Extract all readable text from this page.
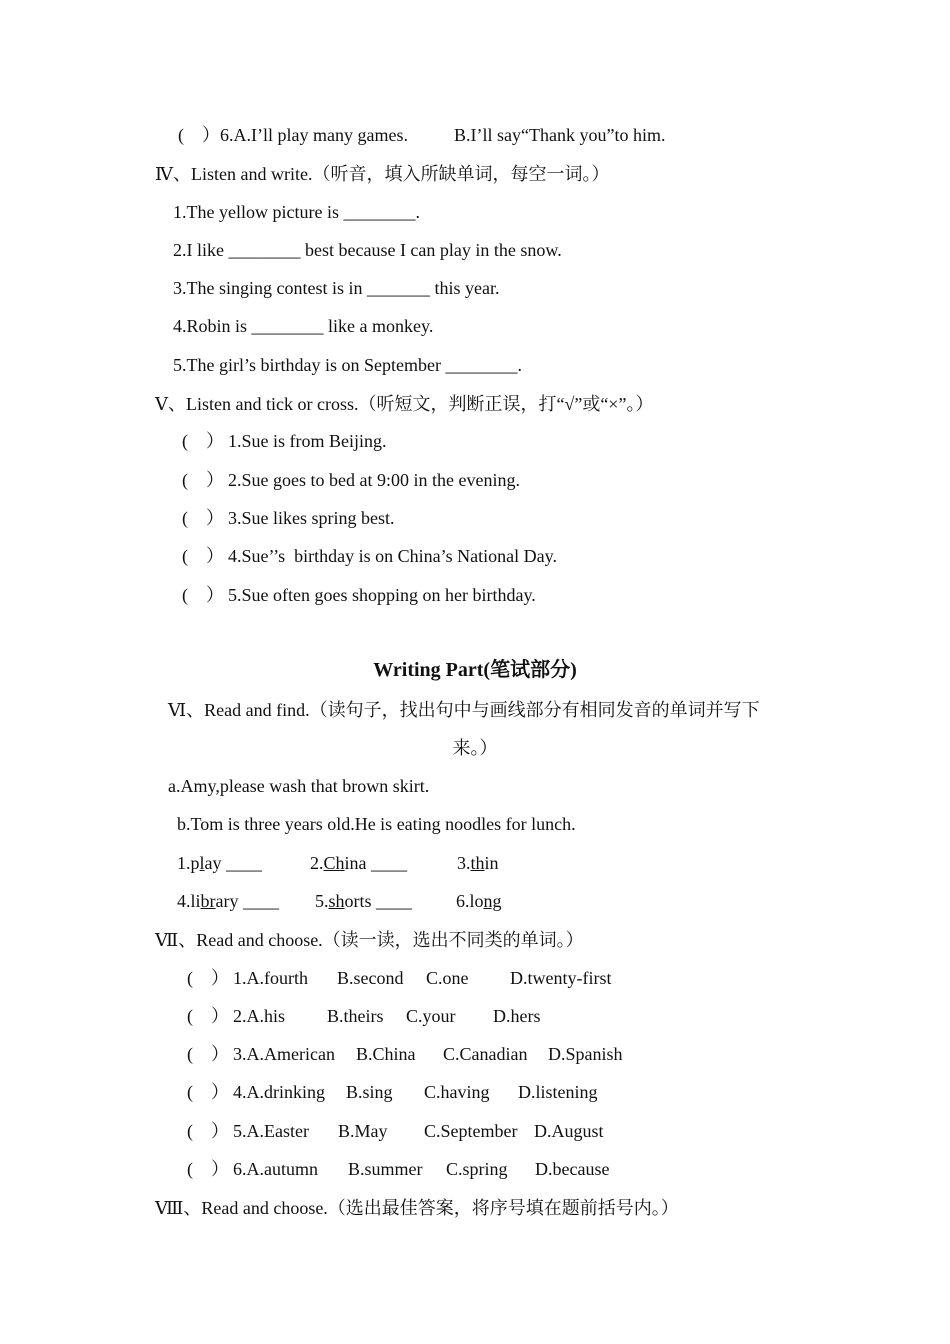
(    ）6.A.I’ll play many games.	B.I’ll say“Thank you”to him.
Ⅳ、Listen and write.（听音，填入所缺单词，每空一词。）
1.The yellow picture is ________.
2.I like ________ best because I can play in the snow.
3.The singing contest is in _______ this year.
4.Robin is ________ like a monkey.
5.The girl’s birthday is on September ________.
Ⅴ、Listen and tick or cross.（听短文，判断正误，打“√”或“×”。）
(    ） 1.Sue is from Beijing.
(    ） 2.Sue goes to bed at 9:00 in the evening.
(    ） 3.Sue likes spring best.
(    ） 4.Sue’’s  birthday is on China’s National Day.
(    ） 5.Sue often goes shopping on her birthday.
Writing Part(笔试部分)
Ⅵ、Read and find.（读句子，找出句中与画线部分有相同发音的单词并写下
来。）
a.Amy,please wash that brown skirt.
b.Tom is three years old.He is eating noodles for lunch.
1.play ____	2.China ____	3.thin
4.library ____ 5.shorts ____ 6.long
Ⅶ、Read and choose.（读一读，选出不同类的单词。）
(    ） 1.A.fourth B.second C.one D.twenty-first
(    ） 2.A.his B.theirs C.your D.hers
(    ） 3.A.American B.China C.Canadian D.Spanish
(    ） 4.A.drinking B.sing C.having D.listening
(    ） 5.A.Easter B.May C.September D.August
(    ） 6.A.autumn B.summer C.spring D.because
Ⅷ、Read and choose.（选出最佳答案，将序号填在题前括号内。）
